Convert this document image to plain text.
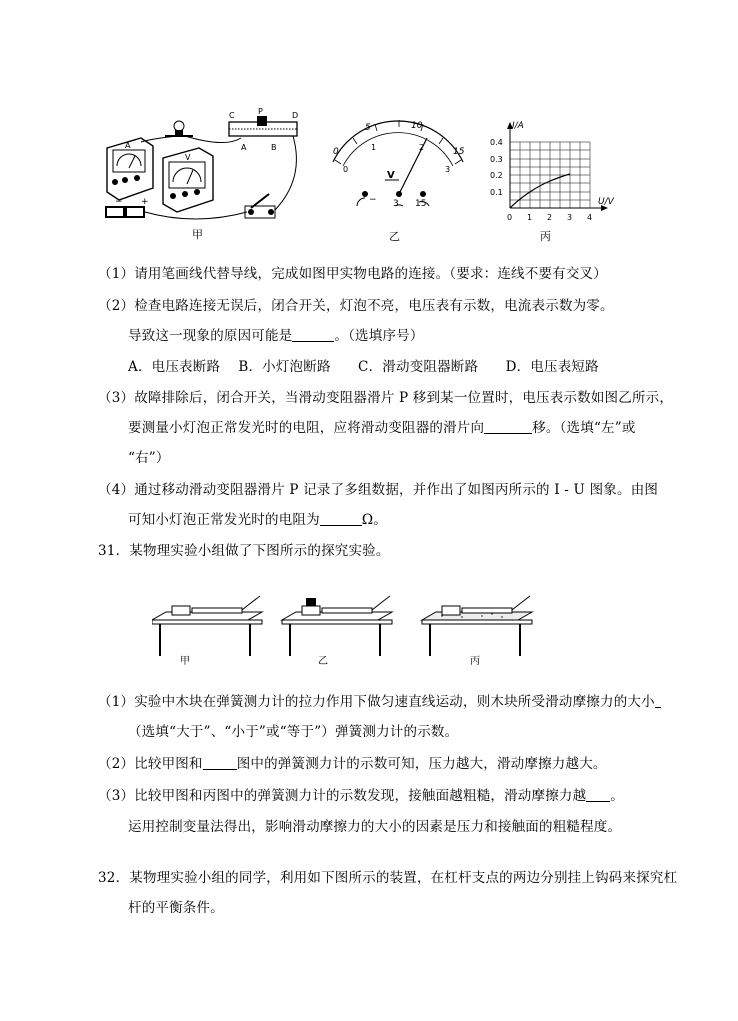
A
V
C	P	D
A	B
− +
甲
0
5	10
15
0
1	2
3
V
− 3 15
乙
I/A
U/V
0.4
0.3
0.2
0.1
0 1 2 3 4
丙
（1）请用笔画线代替导线，完成如图甲实物电路的连接。（要求：连线不要有交叉）
（2）检查电路连接无误后，闭合开关，灯泡不亮，电压表有示数，电流表示数为零。
导致这一现象的原因可能是	。（选填序号）
A．电压表断路　 B．小灯泡断路　　C．滑动变阻器断路　　D．电压表短路
（3）故障排除后，闭合开关，当滑动变阻器滑片 P 移到某一位置时，电压表示数如图乙所示，
要测量小灯泡正常发光时的电阻，应将滑动变阻器的滑片向	移。（选填“左”或
“右”）
（4）通过移动滑动变阻器滑片 P 记录了多组数据，并作出了如图丙所示的 I - U 图象。由图
可知小灯泡正常发光时的电阻为	Ω。
31．某物理实验小组做了下图所示的探究实验。
甲	乙	丙
（1）实验中木块在弹簧测力计的拉力作用下做匀速直线运动，则木块所受滑动摩擦力的大小
（选填“大于”、“小于”或“等于”）弹簧测力计的示数。
（2）比较甲图和	图中的弹簧测力计的示数可知，压力越大，滑动摩擦力越大。
（3）比较甲图和丙图中的弹簧测力计的示数发现，接触面越粗糙，滑动摩擦力越 。
运用控制变量法得出，影响滑动摩擦力的大小的因素是压力和接触面的粗糙程度。
32．某物理实验小组的同学，利用如下图所示的装置，在杠杆支点的两边分别挂上钩码来探究杠
杆的平衡条件。
